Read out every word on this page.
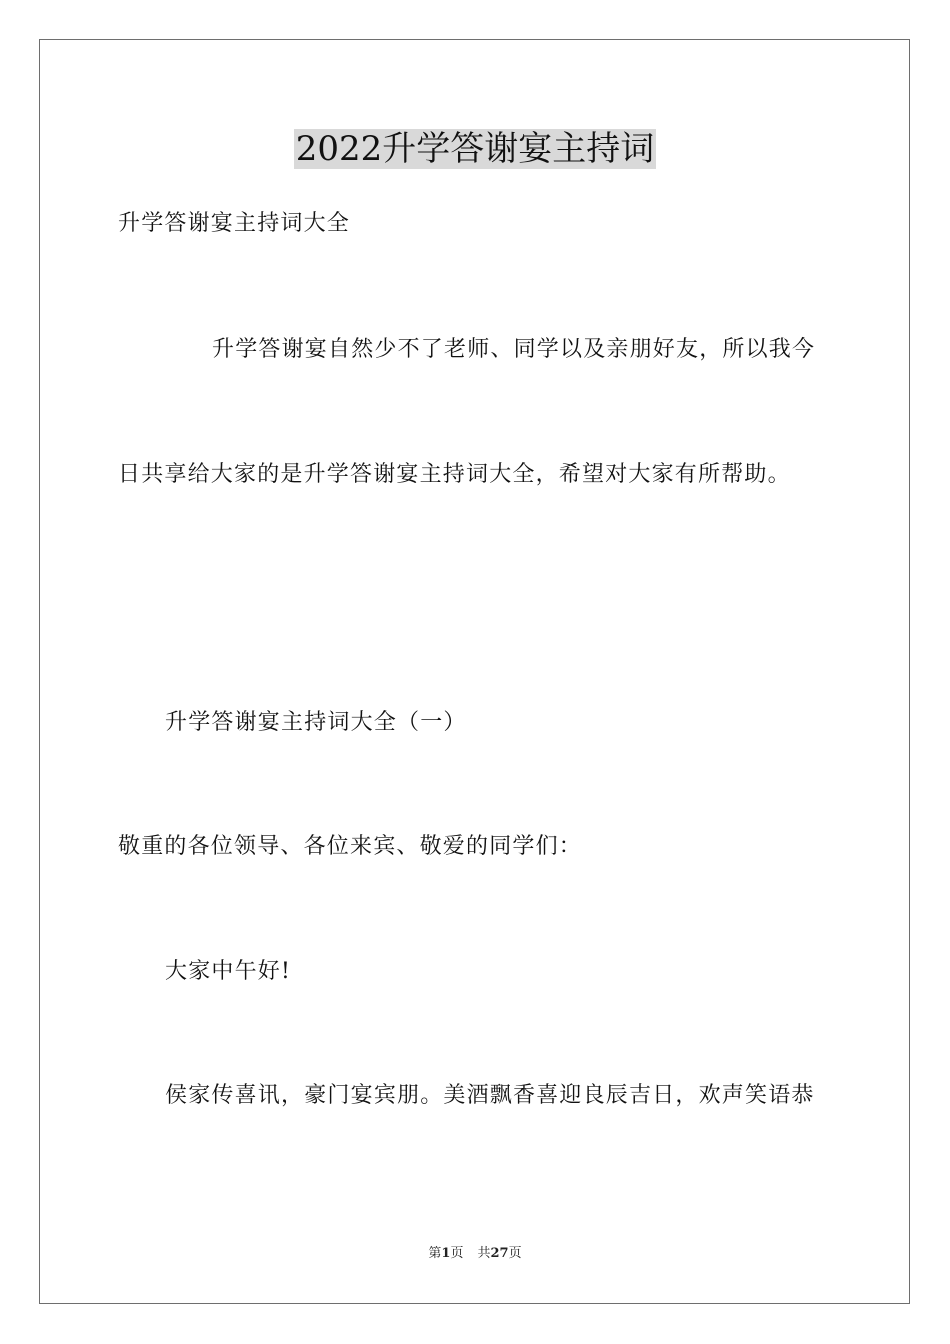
2022升学答谢宴主持词

升学答谢宴主持词大全

升学答谢宴自然少不了老师、同学以及亲朋好友，所以我今

日共享给大家的是升学答谢宴主持词大全，希望对大家有所帮助。

升学答谢宴主持词大全（一）

敬重的各位领导、各位来宾、敬爱的同学们：

大家中午好!

侯家传喜讯，豪门宴宾朋。美酒飘香喜迎良辰吉日，欢声笑语恭

第1页 共27页
